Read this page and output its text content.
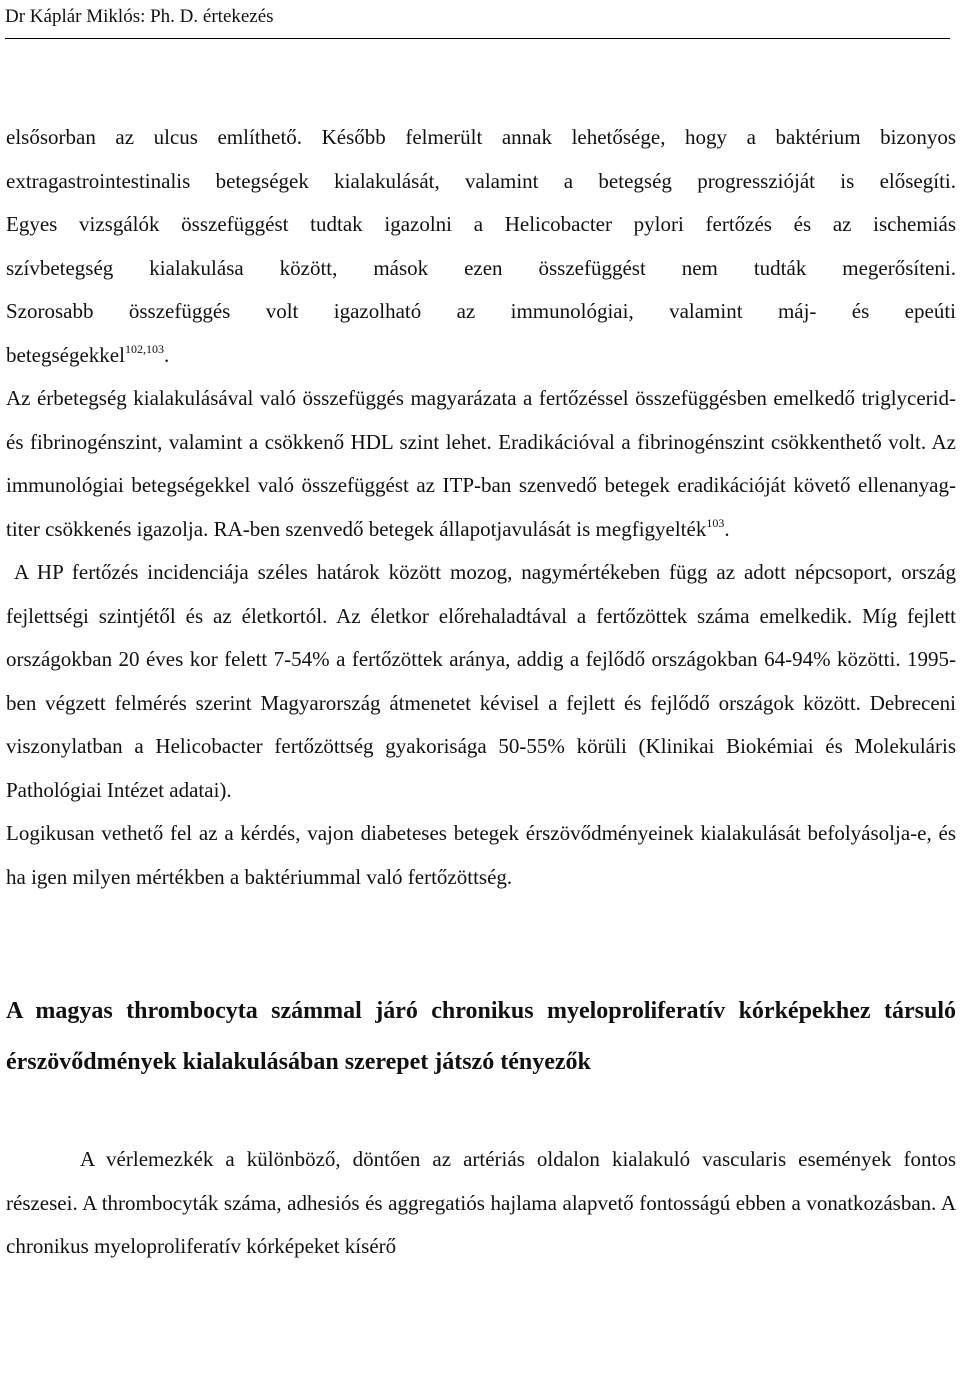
Dr Káplár Miklós: Ph. D. értekezés

elsősorban az ulcus említhető. Később felmerült annak lehetősége, hogy a baktérium bizonyos

extragastrointestinalis betegségek kialakulását, valamint a betegség progresszióját is elősegíti.

Egyes vizsgálók összefüggést tudtak igazolni a Helicobacter pylori fertőzés és az ischemiás

szívbetegség kialakulása között, mások ezen összefüggést nem tudták megerősíteni.

Szorosabb összefüggés volt igazolható az immunológiai, valamint máj- és epeúti

betegségekkel$^{102,103}$.

Az érbetegség kialakulásával való összefüggés magyarázata a fertőzéssel összefüggésben emelkedő triglycerid- és fibrinogénszint, valamint a csökkenő HDL szint lehet. Eradikációval a fibrinogénszint csökkenthető volt. Az immunológiai betegségekkel való összefüggést az ITP-ban szenvedő betegek eradikációját követő ellenanyag-titer csökkenés igazolja. RA-ben szenvedő betegek állapotjavulását is megfigyelték$^{103}$.

A HP fertőzés incidenciája széles határok között mozog, nagymértékeben függ az adott népcsoport, ország fejlettségi szintjétől és az életkortól. Az életkor előrehaladtával a fertőzöttek száma emelkedik. Míg fejlett országokban 20 éves kor felett 7-54% a fertőzöttek aránya, addig a fejlődő országokban 64-94% közötti. 1995-ben végzett felmérés szerint Magyarország átmenetet kévisel a fejlett és fejlődő országok között. Debreceni viszonylatban a Helicobacter fertőzöttség gyakorisága 50-55% körüli (Klinikai Biokémiai és Molekuláris Pathológiai Intézet adatai).

Logikusan vethető fel az a kérdés, vajon diabeteses betegek érszövődményeinek kialakulását befolyásolja-e, és ha igen milyen mértékben a baktériummal való fertőzöttség.

A magyas thrombocyta számmal járó chronikus myeloproliferatív kórképekhez társuló érszövődmények kialakulásában szerepet játszó tényezők

A vérlemezkék a különböző, döntően az artériás oldalon kialakuló vascularis események fontos részesei. A thrombocyták száma, adhesiós és aggregatiós hajlama alapvető fontosságú ebben a vonatkozásban. A chronikus myeloproliferatív kórképeket kísérő
